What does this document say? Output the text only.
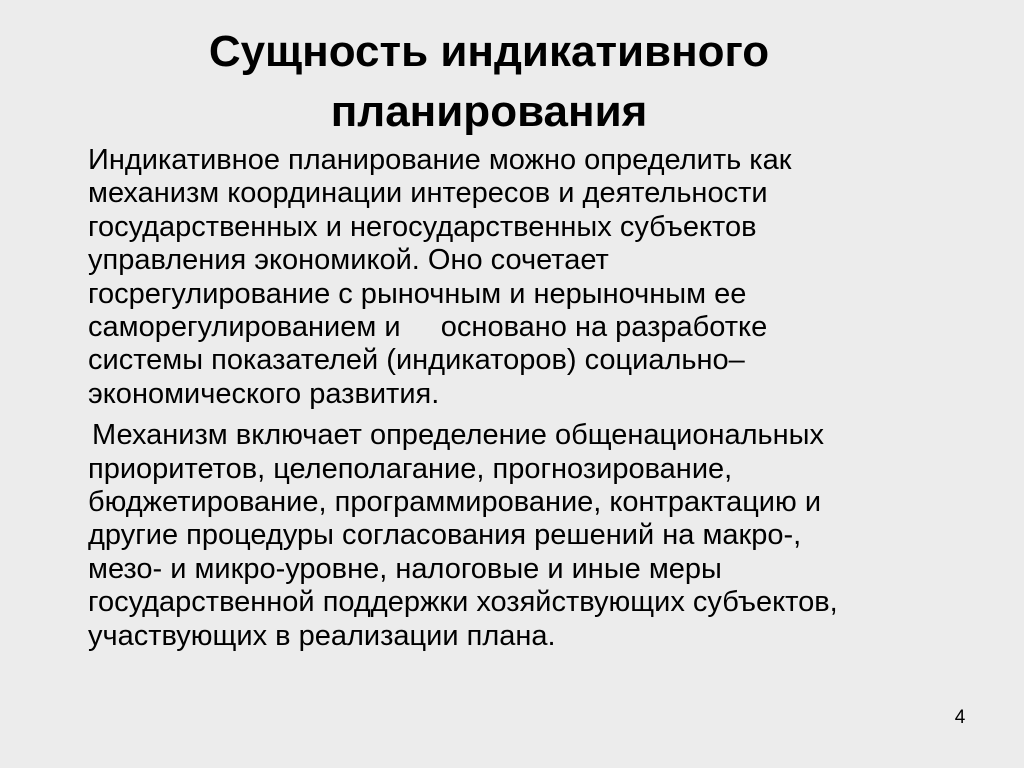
Сущность индикативного
планирования

Индикативное планирование можно определить как
механизм координации интересов и деятельности
государственных и негосударственных субъектов
управления экономикой. Оно сочетает
госрегулирование с рыночным и нерыночным ее
саморегулированием и     основано на разработке
системы показателей (индикаторов) социально–
экономического развития.

Механизм включает определение общенациональных
приоритетов, целеполагание, прогнозирование,
бюджетирование, программирование, контрактацию и
другие процедуры согласования решений на макро-,
мезо- и микро-уровне, налоговые и иные меры
государственной поддержки хозяйствующих субъектов,
участвующих в реализации плана.

4
